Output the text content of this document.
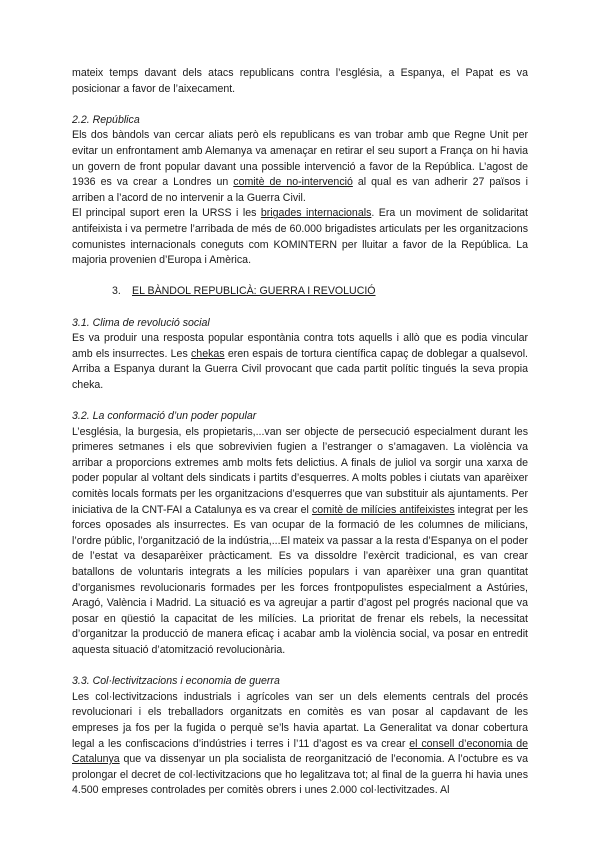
mateix temps davant dels atacs republicans contra l’església, a Espanya, el Papat es va posicionar a favor de l’aixecament.

2.2. República

Els dos bàndols van cercar aliats però els republicans es van trobar amb que Regne Unit per evitar un enfrontament amb Alemanya va amenaçar en retirar el seu suport a França on hi havia un govern de front popular davant una possible intervenció a favor de la República. L’agost de 1936 es va crear a Londres un comitè de no-intervenció al qual es van adherir 27 països i arriben a l’acord de no intervenir a la Guerra Civil.

El principal suport eren la URSS i les brigades internacionals. Era un moviment de solidaritat antifeixista i va permetre l’arribada de més de 60.000 brigadistes articulats per les organitzacions comunistes internacionals coneguts com KOMINTERN per lluitar a favor de la República. La majoria provenien d’Europa i Amèrica.

3. EL BÀNDOL REPUBLICÀ: GUERRA I REVOLUCIÓ

3.1. Clima de revolució social

Es va produir una resposta popular espontània contra tots aquells i allò que es podia vincular amb els insurrectes. Les chekas eren espais de tortura científica capaç de doblegar a qualsevol. Arriba a Espanya durant la Guerra Civil provocant que cada partit polític tingués la seva propia cheka.

3.2. La conformació d’un poder popular

L’església, la burgesia, els propietaris,...van ser objecte de persecució especialment durant les primeres setmanes i els que sobrevivien fugien a l’estranger o s’amagaven. La violència va arribar a proporcions extremes amb molts fets delictius. A finals de juliol va sorgir una xarxa de poder popular al voltant dels sindicats i partits d’esquerres. A molts pobles i ciutats van aparèixer comitès locals formats per les organitzacions d’esquerres que van substituir als ajuntaments. Per iniciativa de la CNT-FAI a Catalunya es va crear el comitè de milícies antifeixistes integrat per les forces oposades als insurrectes. Es van ocupar de la formació de les columnes de milicians, l’ordre públic, l’organització de la indústria,...El mateix va passar a la resta d’Espanya on el poder de l’estat va desaparèixer pràcticament. Es va dissoldre l’exèrcit tradicional, es van crear batallons de voluntaris integrats a les milícies populars i van aparèixer una gran quantitat d’organismes revolucionaris formades per les forces frontpopulistes especialment a Astúries, Aragó, València i Madrid. La situació es va agreujar a partir d’agost pel progrés nacional que va posar en qüestió la capacitat de les milícies. La prioritat de frenar els rebels, la necessitat d’organitzar la producció de manera eficaç i acabar amb la violència social, va posar en entredit aquesta situació d’atomització revolucionària.

3.3. Col·lectivitzacions i economia de guerra

Les col·lectivitzacions industrials i agrícoles van ser un dels elements centrals del procés revolucionari i els treballadors organitzats en comitès es van posar al capdavant de les empreses ja fos per la fugida o perquè se’ls havia apartat. La Generalitat va donar cobertura legal a les confiscacions d’indústries i terres i l’11 d’agost es va crear el consell d’economia de Catalunya que va dissenyar un pla socialista de reorganització de l’economia. A l’octubre es va prolongar el decret de col·lectivitzacions que ho legalitzava tot; al final de la guerra hi havia unes 4.500 empreses controlades per comitès obrers i unes 2.000 col·lectivitzades. Al
